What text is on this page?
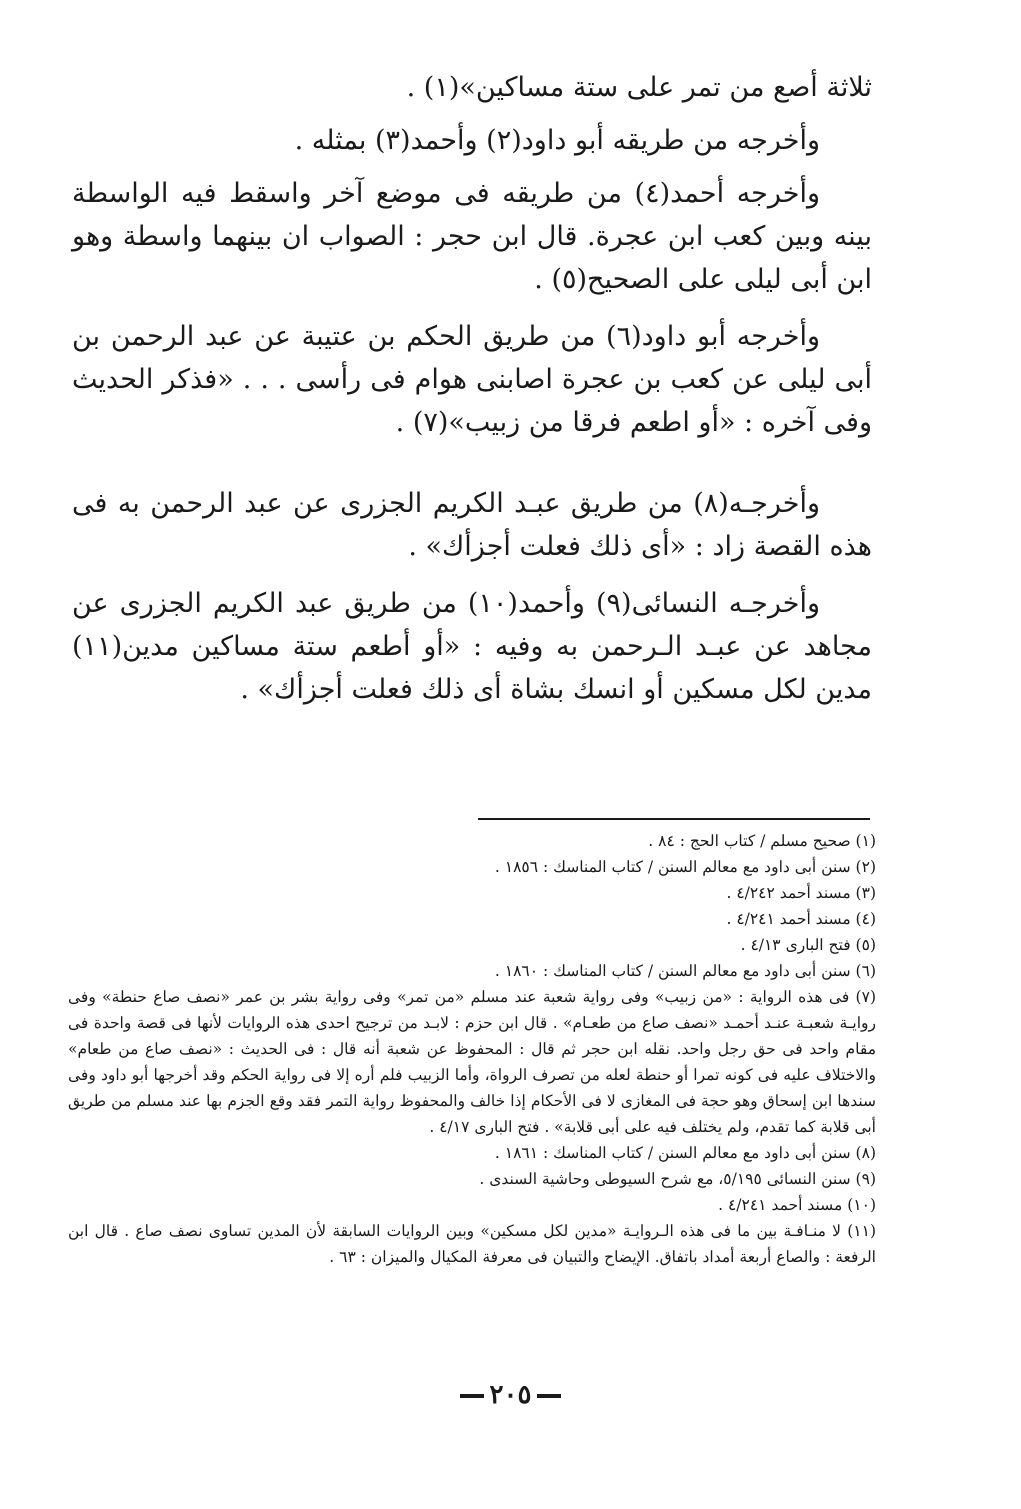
ثلاثة أصع من تمر على ستة مساكين»(١) .

وأخرجه من طريقه أبو داود(٢) وأحمد(٣) بمثله .

وأخرجه أحمد(٤) من طريقه فى موضع آخر واسقط فيه الواسطة بينه وبين كعب ابن عجرة. قال ابن حجر : الصواب ان بينهما واسطة وهو ابن أبى ليلى على الصحيح(٥) .

وأخرجه أبو داود(٦) من طريق الحكم بن عتيبة عن عبد الرحمن بن أبى ليلى عن كعب بن عجرة اصابنى هوام فى رأسى . . . «فذكر الحديث وفى آخره : «أو اطعم فرقا من زبيب»(٧) .

وأخرجـه(٨) من طريق عبـد الكريم الجزرى عن عبد الرحمن به فى هذه القصة زاد : «أى ذلك فعلت أجزأك» .

وأخرجـه النسائى(٩) وأحمد(١٠) من طريق عبد الكريم الجزرى عن مجاهد عن عبـد الـرحمن به وفيه : «أو أطعم ستة مساكين مدين(١١) مدين لكل مسكين أو انسك بشاة أى ذلك فعلت أجزأك» .

(١) صحيح مسلم / كتاب الحج : ٨٤ .

(٢) سنن أبى داود مع معالم السنن / كتاب المناسك : ١٨٥٦ .

(٣) مسند أحمد ٤/٢٤٢ .

(٤) مسند أحمد ٤/٢٤١ .

(٥) فتح البارى ٤/١٣ .

(٦) سنن أبى داود مع معالم السنن / كتاب المناسك : ١٨٦٠ .

(٧) فى هذه الرواية : «من زبيب» وفى رواية شعبة عند مسلم «من تمر» وفى رواية بشر بن عمر «نصف صاع حنطة» وفى روايـة شعبـة عنـد أحمـد «نصف صاع من طعـام» . قال ابن حزم : لابـد من ترجيح احدى هذه الروايات لأنها فى قصة واحدة فى مقام واحد فى حق رجل واحد. نقله ابن حجر ثم قال : المحفوظ عن شعبة أنه قال : فى الحديث : «نصف صاع من طعام» والاختلاف عليه فى كونه تمرا أو حنطة لعله من تصرف الرواة، وأما الزبيب فلم أره إلا فى رواية الحكم وقد أخرجها أبو داود وفى سندها ابن إسحاق وهو حجة فى المغازى لا فى الأحكام إذا خالف والمحفوظ رواية التمر فقد وقع الجزم بها عند مسلم من طريق أبى قلابة كما تقدم، ولم يختلف فيه على أبى قلابة» . فتح البارى ٤/١٧ .

(٨) سنن أبى داود مع معالم السنن / كتاب المناسك : ١٨٦١ .

(٩) سنن النسائى ٥/١٩٥، مع شرح السيوطى وحاشية السندى .

(١٠) مسند أحمد ٤/٢٤١ .

(١١) لا منـافـة بين ما فى هذه الـروايـة «مدين لكل مسكين» وبين الروايات السابقة لأن المدين تساوى نصف صاع . قال ابن الرفعة : والصاع أربعة أمداد باتفاق. الإيضاح والتبيان فى معرفة المكيال والميزان : ٦٣ .

٢٠٥
